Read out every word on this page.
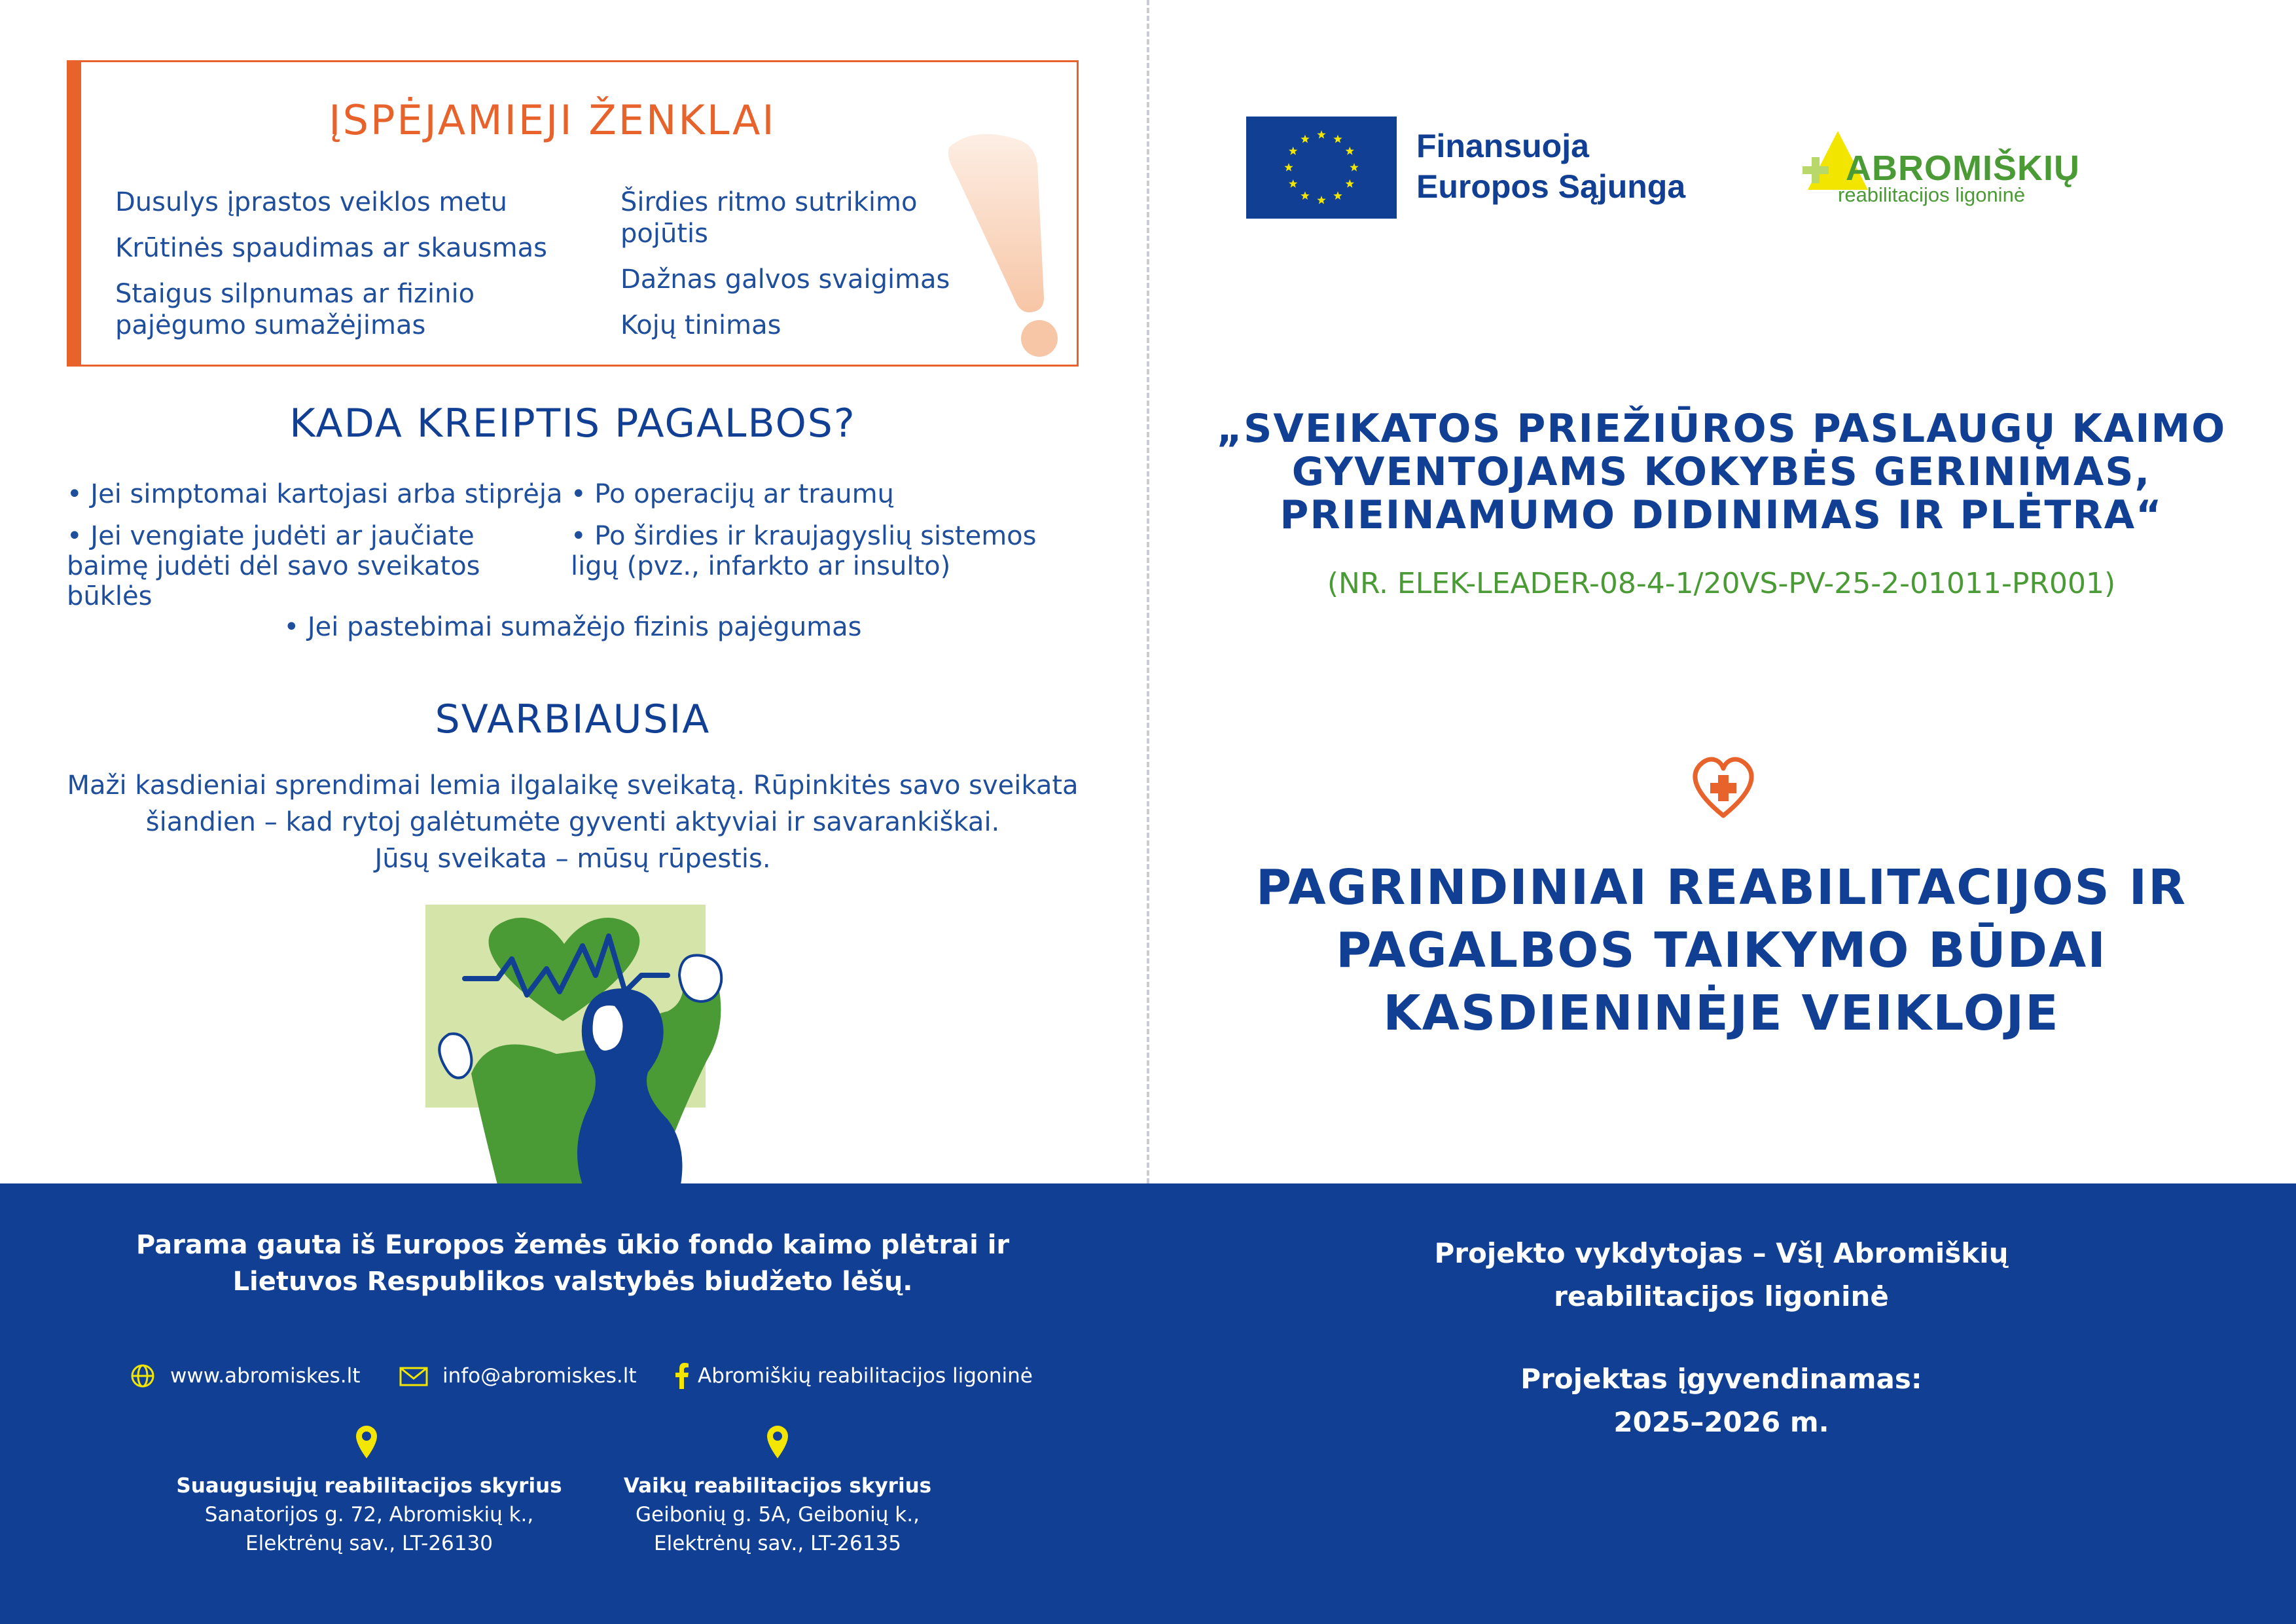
ĮSPĖJAMIEJI ŽENKLAI
Dusulys įprastos veiklos metu
Krūtinės spaudimas ar skausmas
Staigus silpnumas ar fizinio pajėgumo sumažėjimas
Širdies ritmo sutrikimo pojūtis
Dažnas galvos svaigimas
Kojų tinimas
KADA KREIPTIS PAGALBOS?
• Jei simptomai kartojasi arba stiprėja
• Jei vengiate judėti ar jaučiate baimę judėti dėl savo sveikatos būklės
• Po operacijų ar traumų
• Po širdies ir kraujagyslių sistemos ligų (pvz., infarkto ar insulto)
• Jei pastebimai sumažėjo fizinis pajėgumas
SVARBIAUSIA
Maži kasdieniai sprendimai lemia ilgalaikę sveikatą. Rūpinkitės savo sveikata
šiandien – kad rytoj galėtumėte gyventi aktyviai ir savarankiškai.
Jūsų sveikata – mūsų rūpestis.
Finansuoja
Europos Sąjunga	ABROMIŠKIŲ
reabilitacijos ligoninė
„SVEIKATOS PRIEŽIŪROS PASLAUGŲ KAIMO
GYVENTOJAMS KOKYBĖS GERINIMAS,
PRIEINAMUMO DIDINIMAS IR PLĖTRA“
(NR. ELEK-LEADER-08-4-1/20VS-PV-25-2-01011-PR001)
PAGRINDINIAI REABILITACIJOS IR
PAGALBOS TAIKYMO BŪDAI
KASDIENINĖJE VEIKLOJE
Parama gauta iš Europos žemės ūkio fondo kaimo plėtrai ir
Lietuvos Respublikos valstybės biudžeto lėšų.
www.abromiskes.lt	info@abromiskes.lt	Abromiškių reabilitacijos ligoninė
Suaugusiųjų reabilitacijos skyrius
Sanatorijos g. 72, Abromiskių k.,
Elektrėnų sav., LT-26130
Vaikų reabilitacijos skyrius
Geibonių g. 5A, Geibonių k.,
Elektrėnų sav., LT-26135
Projekto vykdytojas – VšĮ Abromiškių
reabilitacijos ligoninė
Projektas įgyvendinamas:
2025–2026 m.
